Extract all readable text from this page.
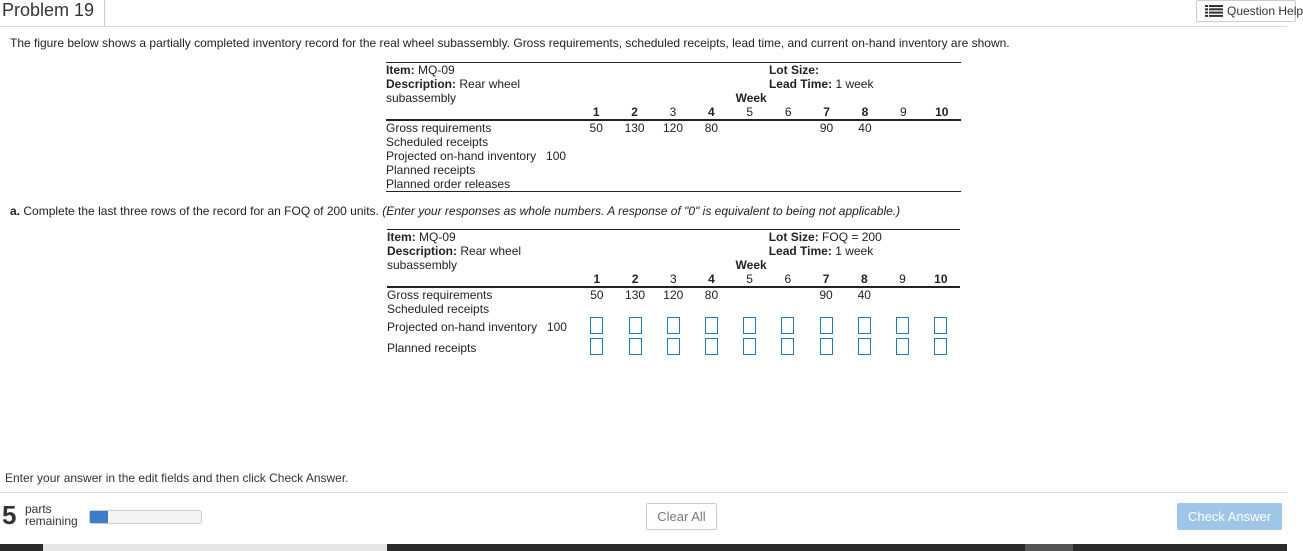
Problem 19	Question Help
The figure below shows a partially completed inventory record for the real wheel subassembly. Gross requirements, scheduled receipts, lead time, and current on-hand inventory are shown.
Item: MQ-09							Lot Size:				
Description: Rear wheel							Lead Time: 1 week				
subassembly						Week					
		1	2	3	4	5	6	7	8	9	10
Gross requirements		50	130	120	80			90	40		
Scheduled receipts											
Projected on-hand inventory	100										
Planned receipts											
Planned order releases											
a. Complete the last three rows of the record for an FOQ of 200 units. (Enter your responses as whole numbers. A response of "0" is equivalent to being not applicable.)
Item: MQ-09							Lot Size: FOQ = 200				
Description: Rear wheel							Lead Time: 1 week				
subassembly						Week					
		1	2	3	4	5	6	7	8	9	10
Gross requirements		50	130	120	80			90	40		
Scheduled receipts											
Projected on-hand inventory	100										
Planned receipts											
Enter your answer in the edit fields and then click Check Answer.
5 parts
remaining	Clear All	Check Answer
